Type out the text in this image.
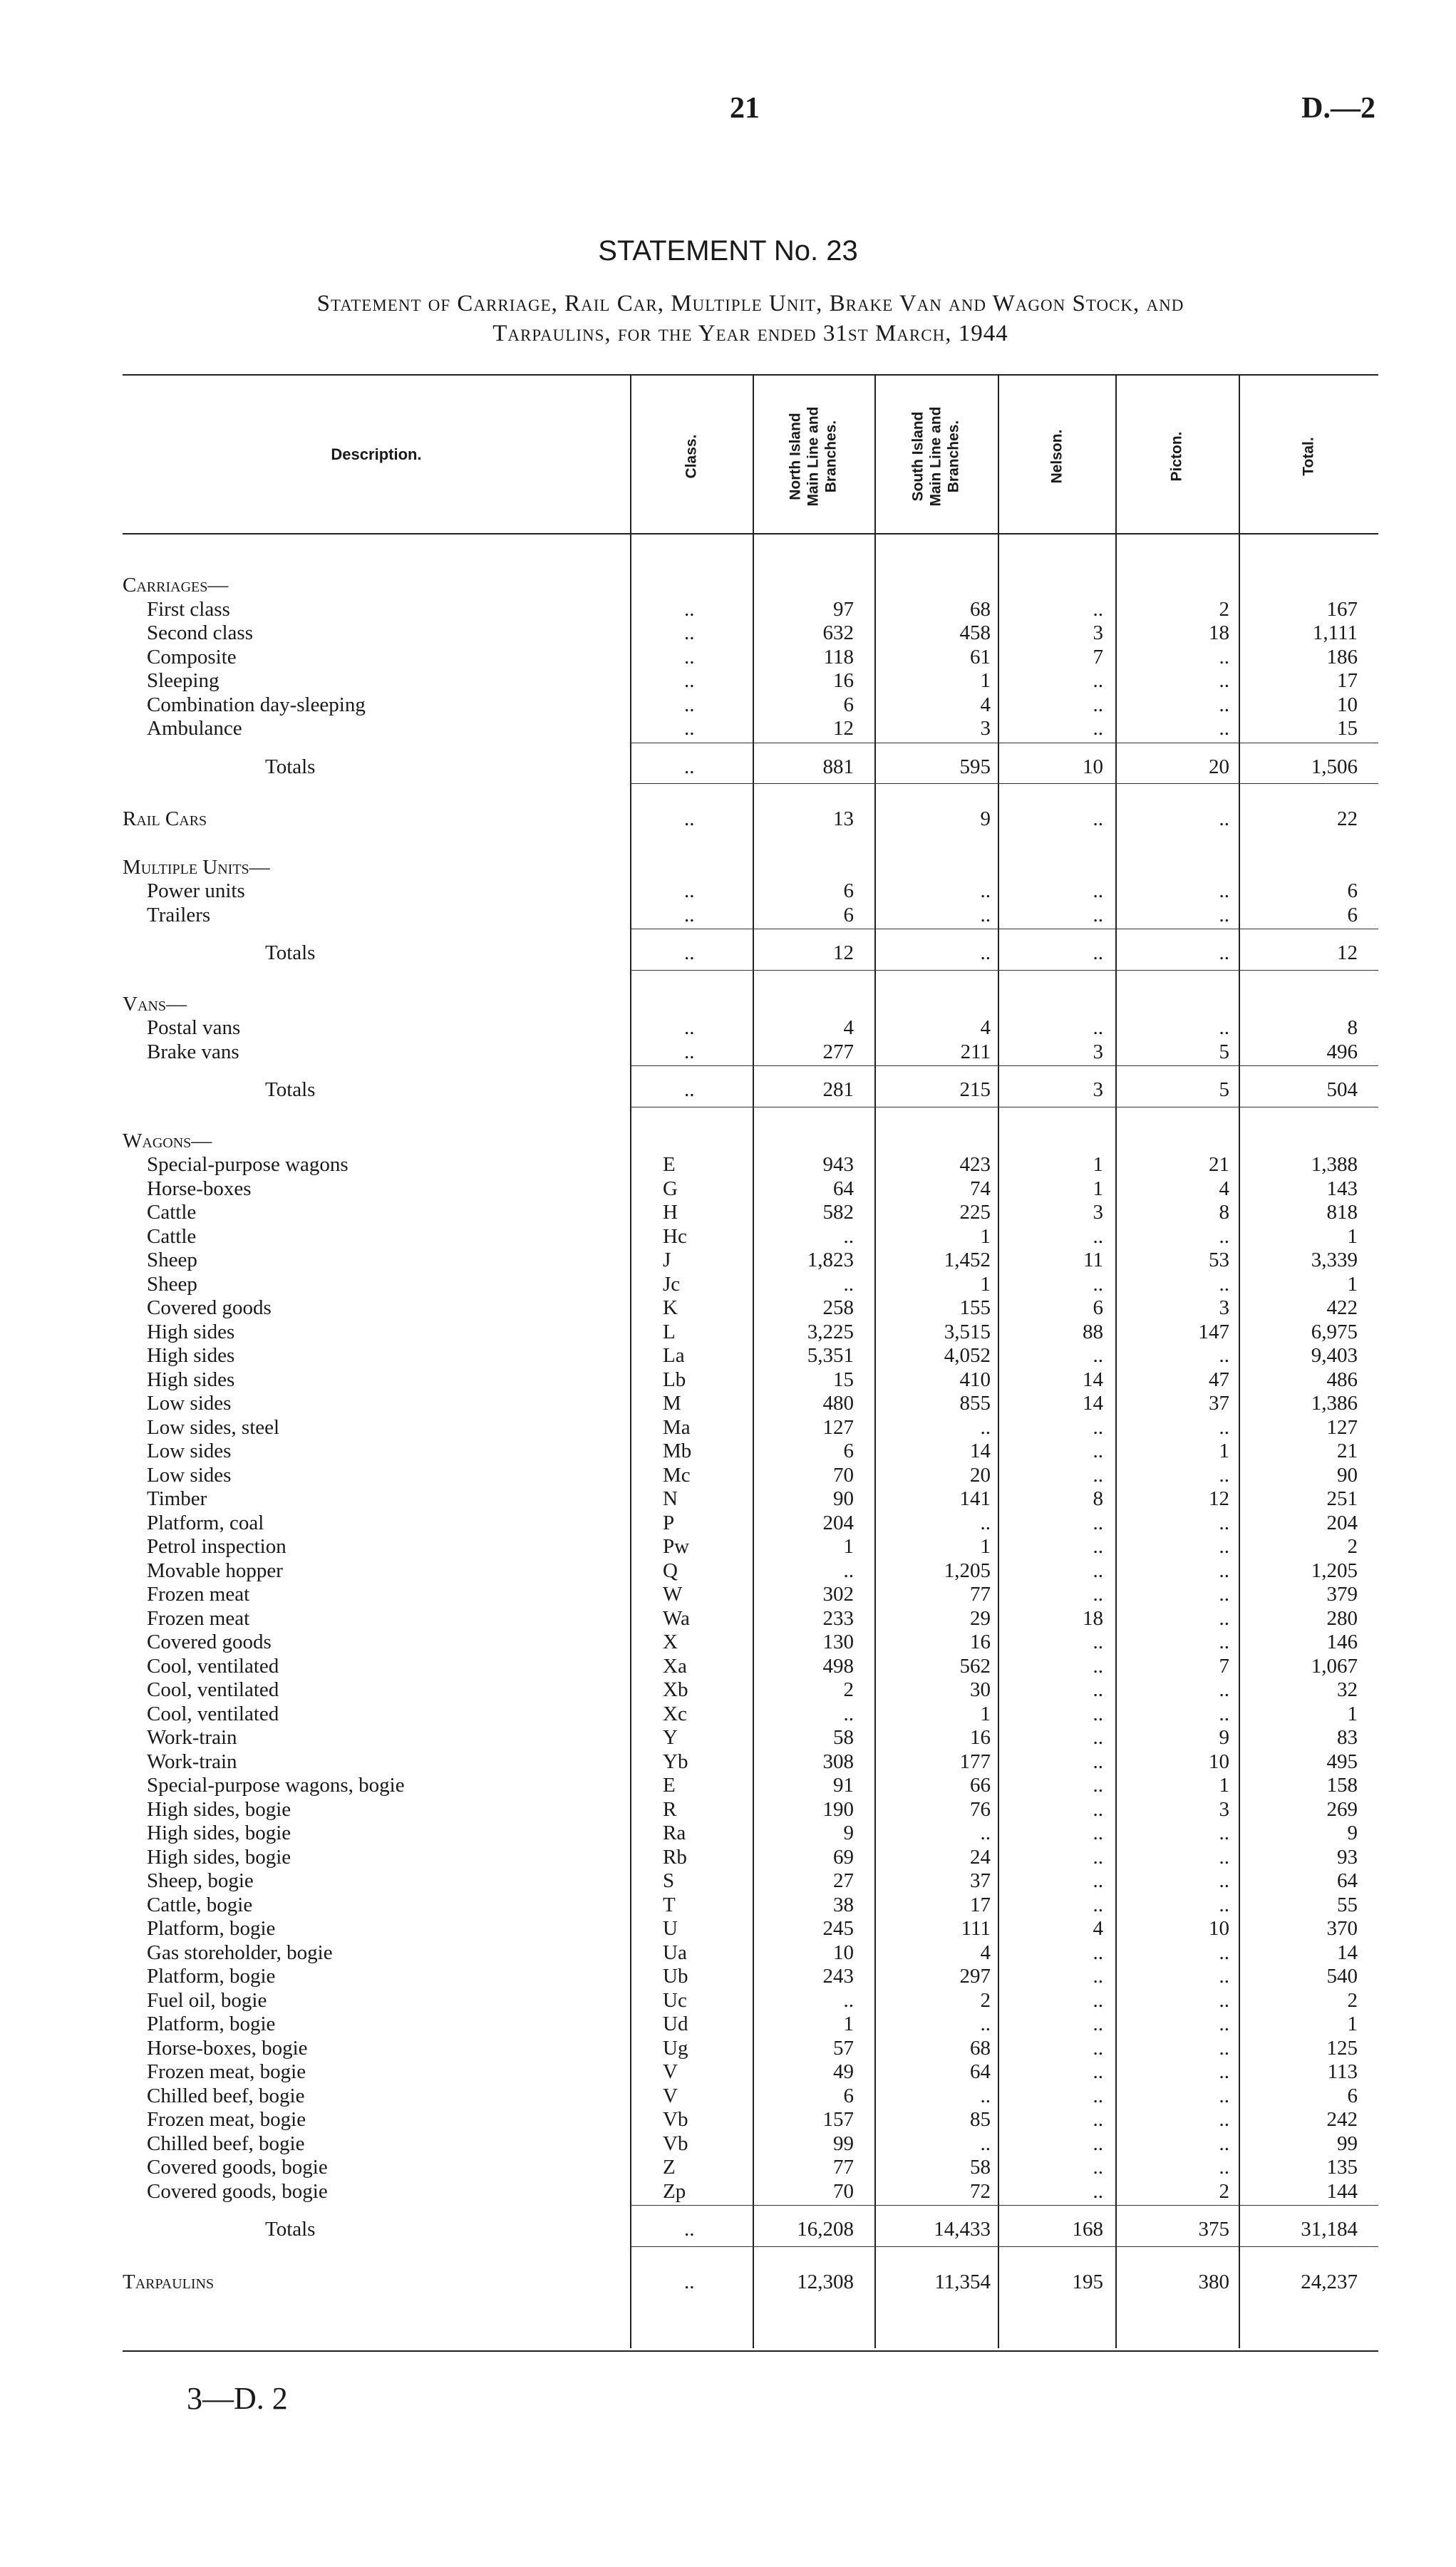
21	D.—2
STATEMENT No. 23
Statement of Carriage, Rail Car, Multiple Unit, Brake Van and Wagon Stock, and
Tarpaulins, for the Year ended 31st March, 1944
Description.	Class.
North Island
Main Line and
Branches.	South Island
Main Line and
Branches.	Nelson.	Picton.	Total.
Carriages—
First class	..	97	68	..	2	167
Second class	..	632	458	3	18	1,111
Composite	..	118	61	7	..	186
Sleeping	..	16	1	..	..	17
Combination day-sleeping	..	6	4	..	..	10
Ambulance	..	12	3	..	..	15
Totals	..	881	595	10	20	1,506
Rail Cars	..	13	9	..	..	22
Multiple Units—
Power units	..	6	..	..	..	6
Trailers	..	6	..	..	..	6
Totals	..	12	..	..	..	12
Vans—
Postal vans	..	4	4	..	..	8
Brake vans	..	277	211	3	5	496
Totals	..	281	215	3	5	504
Wagons—
Special-purpose wagons	E	943	423	1	21	1,388
Horse-boxes	G	64	74	1	4	143
Cattle	H	582	225	3	8	818
Cattle	Hc	..	1	..	..	1
Sheep	J	1,823	1,452	11	53	3,339
Sheep	Jc	..	1	..	..	1
Covered goods	K	258	155	6	3	422
High sides	L	3,225	3,515	88	147	6,975
High sides	La	5,351	4,052	..	..	9,403
High sides	Lb	15	410	14	47	486
Low sides	M	480	855	14	37	1,386
Low sides, steel	Ma	127	..	..	..	127
Low sides	Mb	6	14	..	1	21
Low sides	Mc	70	20	..	..	90
Timber	N	90	141	8	12	251
Platform, coal	P	204	..	..	..	204
Petrol inspection	Pw	1	1	..	..	2
Movable hopper	Q	..	1,205	..	..	1,205
Frozen meat	W	302	77	..	..	379
Frozen meat	Wa	233	29	18	..	280
Covered goods	X	130	16	..	..	146
Cool, ventilated	Xa	498	562	..	7	1,067
Cool, ventilated	Xb	2	30	..	..	32
Cool, ventilated	Xc	..	1	..	..	1
Work-train	Y	58	16	..	9	83
Work-train	Yb	308	177	..	10	495
Special-purpose wagons, bogie	E	91	66	..	1	158
High sides, bogie	R	190	76	..	3	269
High sides, bogie	Ra	9	..	..	..	9
High sides, bogie	Rb	69	24	..	..	93
Sheep, bogie	S	27	37	..	..	64
Cattle, bogie	T	38	17	..	..	55
Platform, bogie	U	245	111	4	10	370
Gas storeholder, bogie	Ua	10	4	..	..	14
Platform, bogie	Ub	243	297	..	..	540
Fuel oil, bogie	Uc	..	2	..	..	2
Platform, bogie	Ud	1	..	..	..	1
Horse-boxes, bogie	Ug	57	68	..	..	125
Frozen meat, bogie	V	49	64	..	..	113
Chilled beef, bogie	V	6	..	..	..	6
Frozen meat, bogie	Vb	157	85	..	..	242
Chilled beef, bogie	Vb	99	..	..	..	99
Covered goods, bogie	Z	77	58	..	..	135
Covered goods, bogie	Zp	70	72	..	2	144
Totals	..	16,208	14,433	168	375	31,184
Tarpaulins	..	12,308	11,354	195	380	24,237
3—D. 2
